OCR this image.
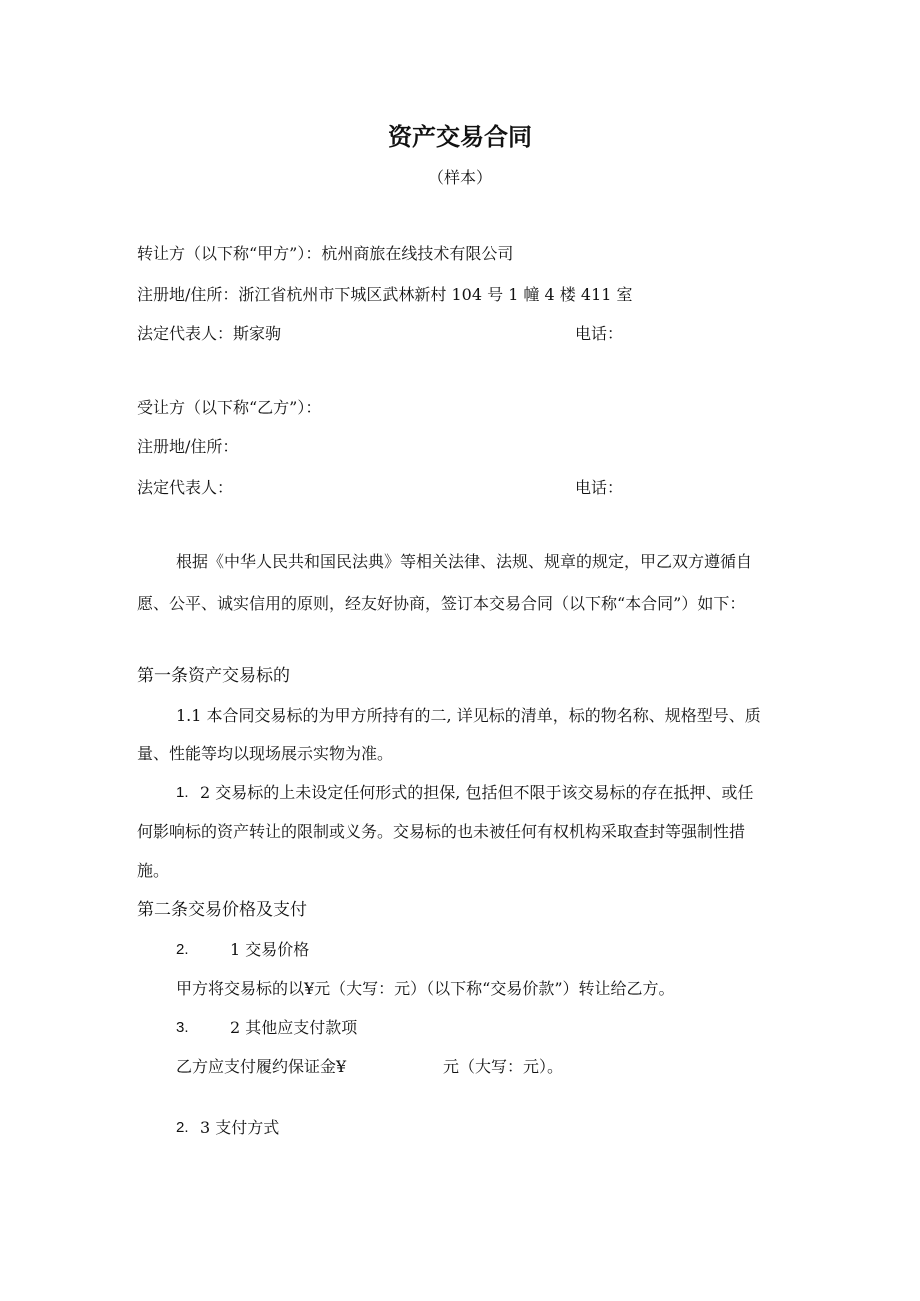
资产交易合同
（样本）
转让方（以下称“甲方”）：杭州商旅在线技术有限公司
注册地/住所：浙江省杭州市下城区武林新村 104 号 1 幢 4 楼 411 室
法定代表人：斯家驹	电话：
受让方（以下称“乙方”）：
注册地/住所：
法定代表人：	电话：
根据《中华人民共和国民法典》等相关法律、法规、规章的规定，甲乙双方遵循自
愿、公平、诚实信用的原则，经友好协商，签订本交易合同（以下称“本合同”）如下：
第一条资产交易标的
1.1 本合同交易标的为甲方所持有的二, 详见标的清单，标的物名称、规格型号、质
量、性能等均以现场展示实物为准。
1. 2 交易标的上未设定任何形式的担保, 包括但不限于该交易标的存在抵押、或任
何影响标的资产转让的限制或义务。交易标的也未被任何有权机构采取查封等强制性措
施。
第二条交易价格及支付
2.	1 交易价格
甲方将交易标的以¥元（大写：元）（以下称“交易价款”）转让给乙方。
3.	2 其他应支付款项
乙方应支付履约保证金¥	元（大写：元）。
2. 3 支付方式
